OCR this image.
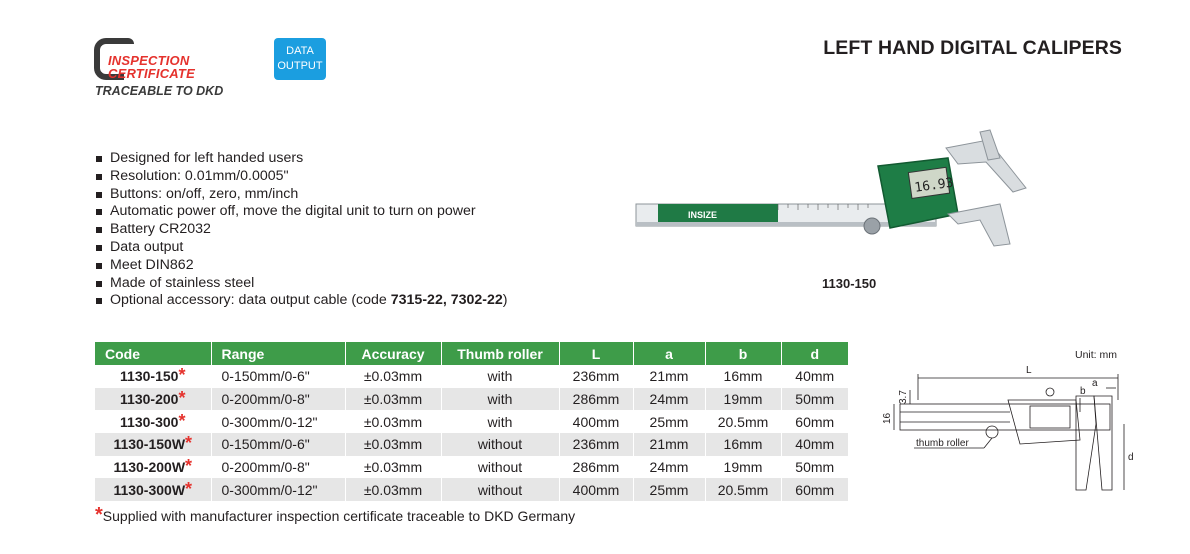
INSPECTION
CERTIFICATE
TRACEABLE TO DKD
DATA
OUTPUT
LEFT HAND DIGITAL CALIPERS
Designed for left handed users
Resolution: 0.01mm/0.0005"
Buttons: on/off, zero, mm/inch
Automatic power off, move the digital unit to turn on power
Battery CR2032
Data output
Meet DIN862
Made of stainless steel
Optional accessory: data output cable (code 7315-22, 7302-22)
INSIZE
16.93
1130-150
Code	Range	Accuracy	Thumb roller	L	a	b	d
1130-150*	0-150mm/0-6"	±0.03mm	with	236mm	21mm	16mm	40mm
1130-200*	0-200mm/0-8"	±0.03mm	with	286mm	24mm	19mm	50mm
1130-300*	0-300mm/0-12"	±0.03mm	with	400mm	25mm	20.5mm	60mm
1130-150W*	0-150mm/0-6"	±0.03mm	without	236mm	21mm	16mm	40mm
1130-200W*	0-200mm/0-8"	±0.03mm	without	286mm	24mm	19mm	50mm
1130-300W*	0-300mm/0-12"	±0.03mm	without	400mm	25mm	20.5mm	60mm
*Supplied with manufacturer inspection certificate traceable to DKD Germany
Unit: mm
L
a
b
d
16
3.7
thumb roller
